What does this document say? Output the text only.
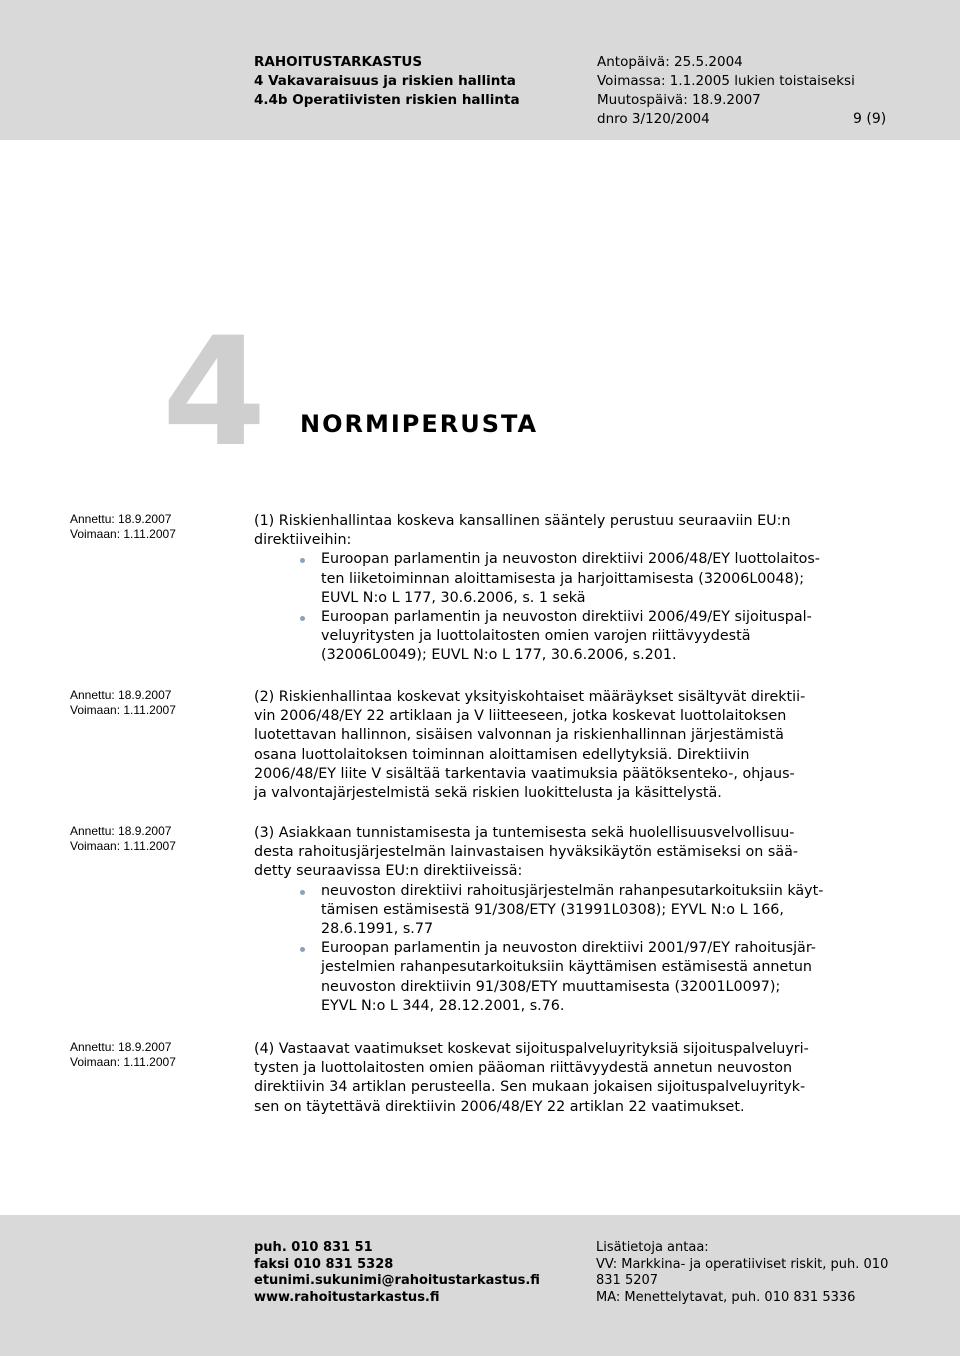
RAHOITUSTARKASTUS
4 Vakavaraisuus ja riskien hallinta
4.4b Operatiivisten riskien hallinta
Antopäivä: 25.5.2004
Voimassa: 1.1.2005 lukien toistaiseksi
Muutospäivä: 18.9.2007
dnro 3/120/2004	9 (9)
4 NORMIPERUSTA
Annettu: 18.9.2007
Voimaan: 1.11.2007
Annettu: 18.9.2007
Voimaan: 1.11.2007
Annettu: 18.9.2007
Voimaan: 1.11.2007
Annettu: 18.9.2007
Voimaan: 1.11.2007

(1) Riskienhallintaa koskeva kansallinen sääntely perustuu seuraaviin EU:n

direktiiveihin:

Euroopan parlamentin ja neuvoston direktiivi 2006/48/EY luottolaitos-
ten liiketoiminnan aloittamisesta ja harjoittamisesta (32006L0048);
EUVL N:o L 177, 30.6.2006, s. 1 sekä
Euroopan parlamentin ja neuvoston direktiivi 2006/49/EY sijoituspal-
veluyritysten ja luottolaitosten omien varojen riittävyydestä
(32006L0049); EUVL N:o L 177, 30.6.2006, s.201.

(2) Riskienhallintaa koskevat yksityiskohtaiset määräykset sisältyvät direktii-

vin 2006/48/EY 22 artiklaan ja V liitteeseen, jotka koskevat luottolaitoksen

luotettavan hallinnon, sisäisen valvonnan ja riskienhallinnan järjestämistä

osana luottolaitoksen toiminnan aloittamisen edellytyksiä. Direktiivin

2006/48/EY liite V sisältää tarkentavia vaatimuksia päätöksenteko-, ohjaus-

ja valvontajärjestelmistä sekä riskien luokittelusta ja käsittelystä.

(3) Asiakkaan tunnistamisesta ja tuntemisesta sekä huolellisuusvelvollisuu-

desta rahoitusjärjestelmän lainvastaisen hyväksikäytön estämiseksi on sää-

detty seuraavissa EU:n direktiiveissä:

neuvoston direktiivi rahoitusjärjestelmän rahanpesutarkoituksiin käyt-
tämisen estämisestä 91/308/ETY (31991L0308); EYVL N:o L 166,
28.6.1991, s.77
Euroopan parlamentin ja neuvoston direktiivi 2001/97/EY rahoitusjär-
jestelmien rahanpesutarkoituksiin käyttämisen estämisestä annetun
neuvoston direktiivin 91/308/ETY muuttamisesta (32001L0097);
EYVL N:o L 344, 28.12.2001, s.76.

(4) Vastaavat vaatimukset koskevat sijoituspalveluyrityksiä sijoituspalveluyri-

tysten ja luottolaitosten omien pääoman riittävyydestä annetun neuvoston

direktiivin 34 artiklan perusteella. Sen mukaan jokaisen sijoituspalveluyrityk-

sen on täytettävä direktiivin 2006/48/EY 22 artiklan 22 vaatimukset.

puh. 010 831 51
faksi 010 831 5328
etunimi.sukunimi@rahoitustarkastus.fi
www.rahoitustarkastus.fi
Lisätietoja antaa:
VV: Markkina- ja operatiiviset riskit, puh. 010
831 5207
MA: Menettelytavat, puh. 010 831 5336
